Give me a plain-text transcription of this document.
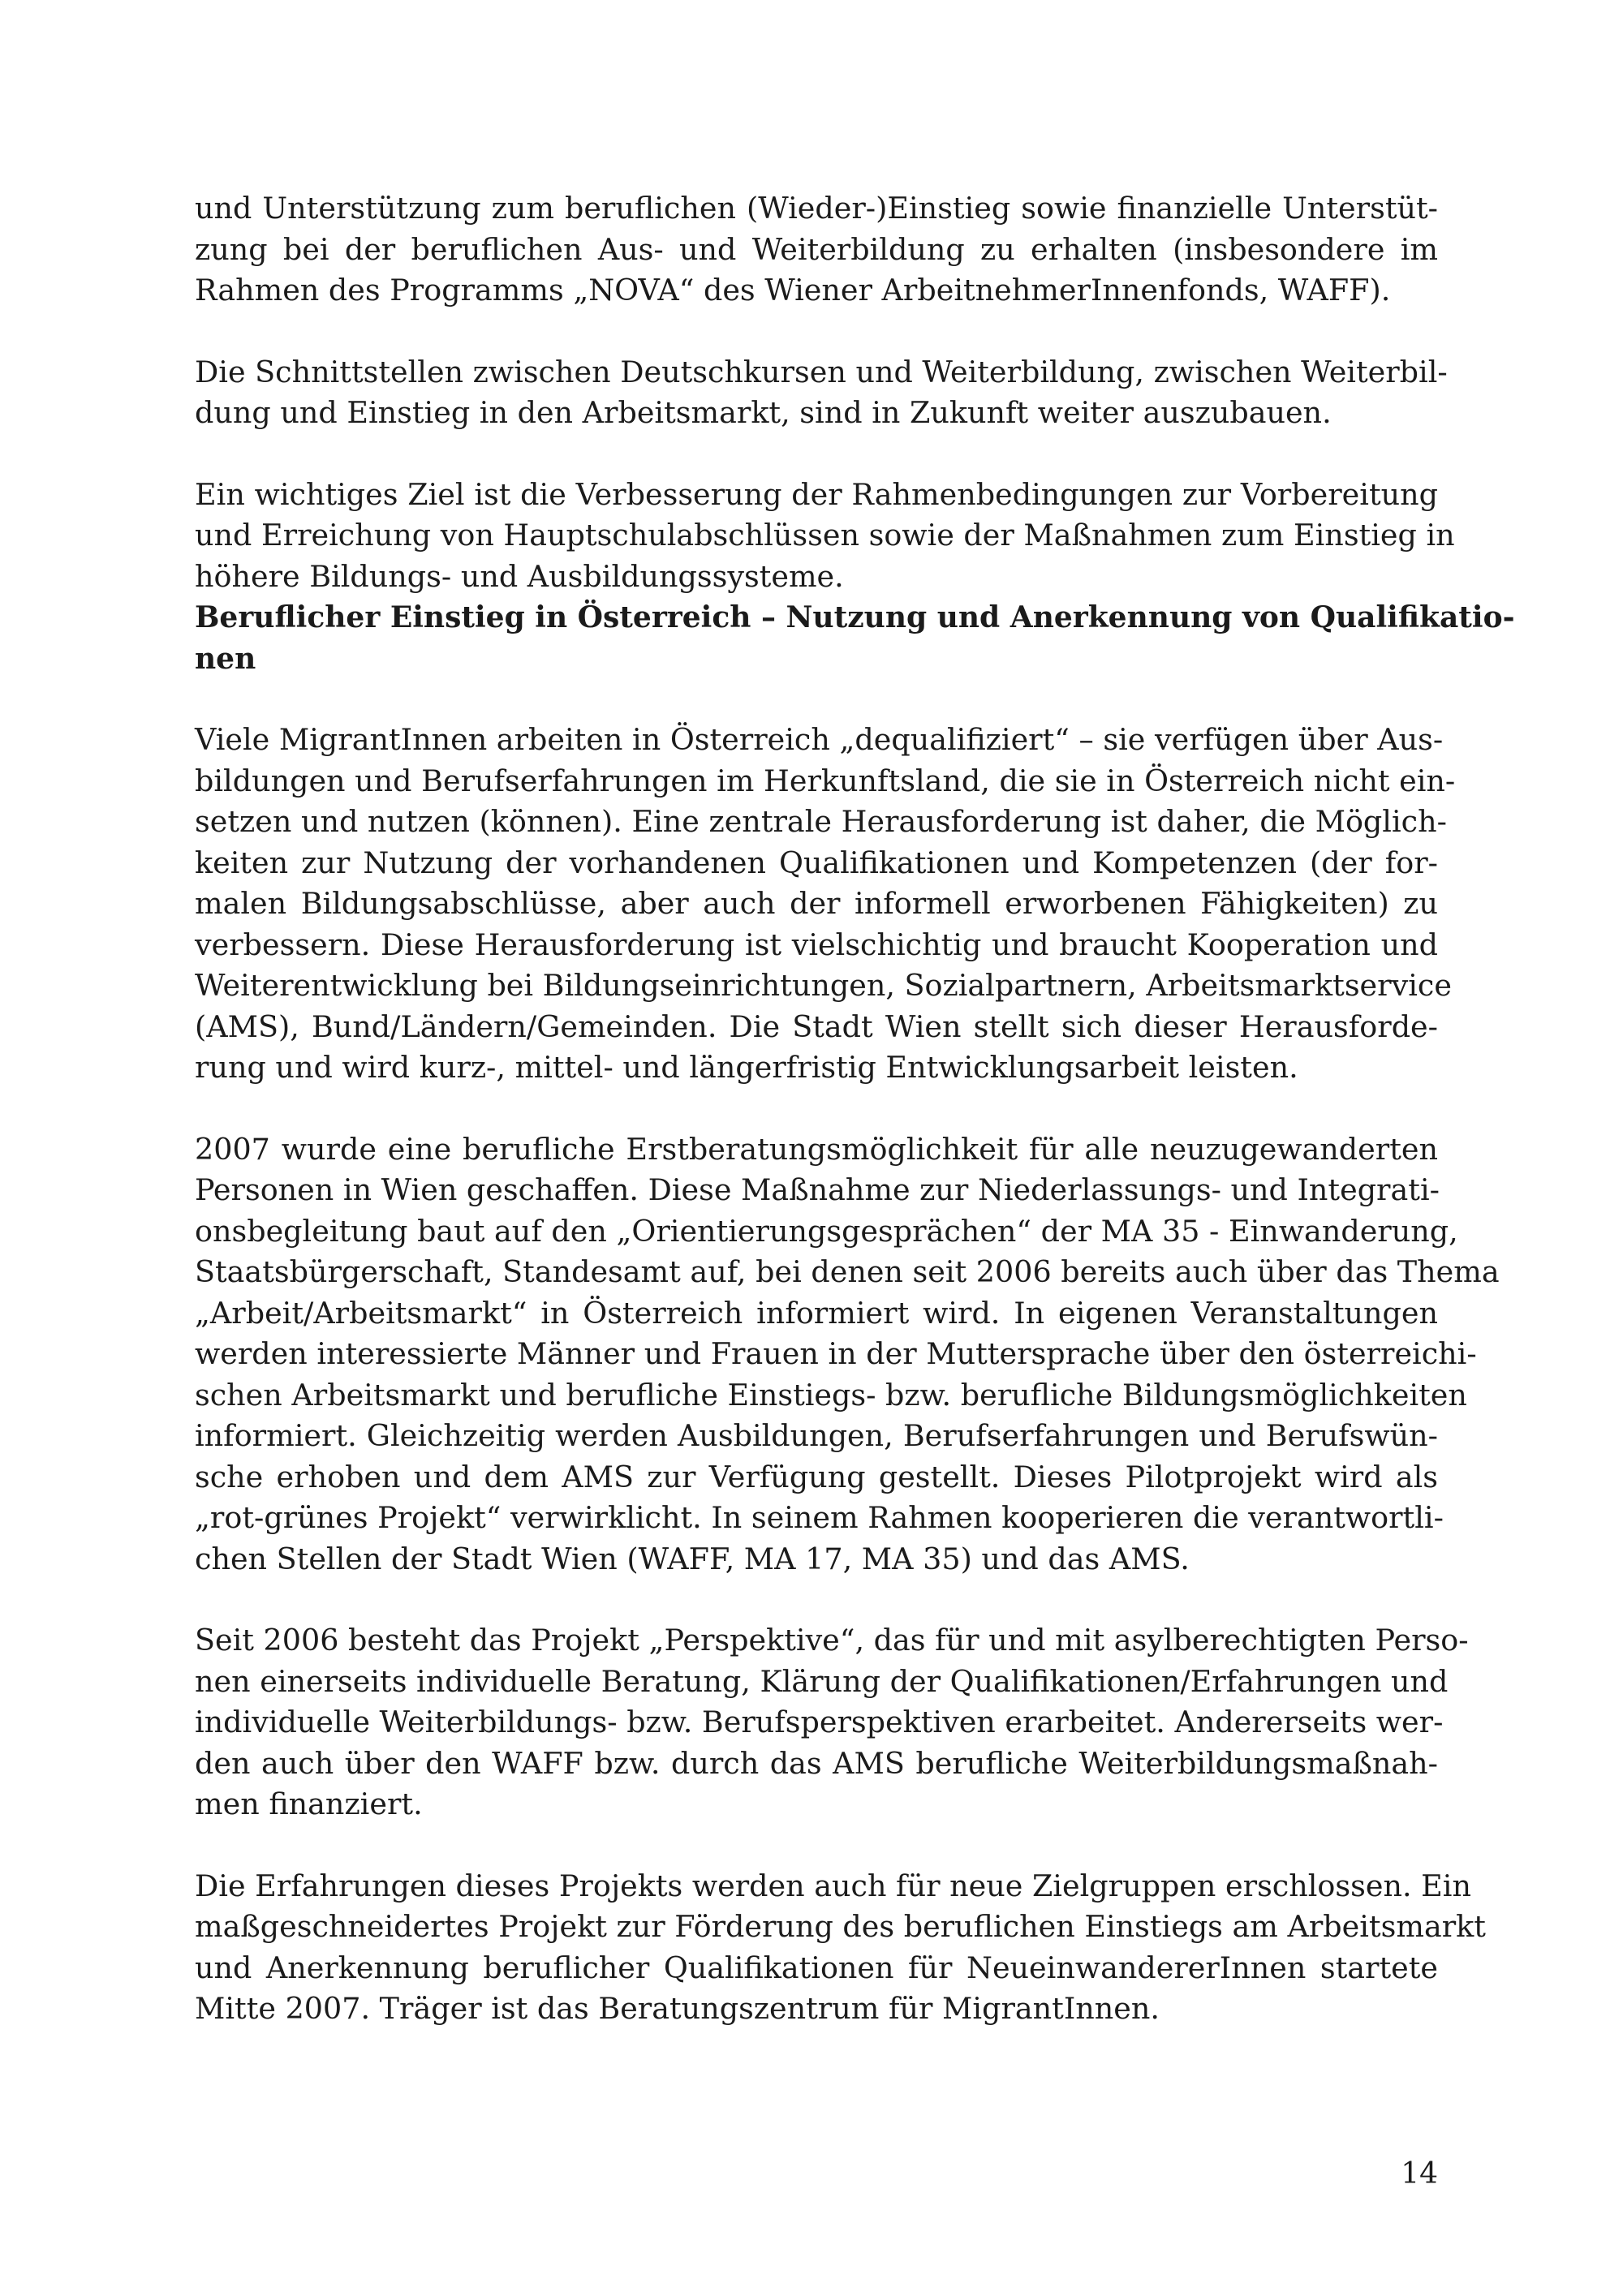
und Unterstützung zum beruflichen (Wieder-)Einstieg sowie finanzielle Unterstüt-
zung bei der beruflichen Aus- und Weiterbildung zu erhalten (insbesondere im
Rahmen des Programms „NOVA“ des Wiener ArbeitnehmerInnenfonds, WAFF).

Die Schnittstellen zwischen Deutschkursen und Weiterbildung, zwischen Weiterbil-
dung und Einstieg in den Arbeitsmarkt, sind in Zukunft weiter auszubauen.

Ein wichtiges Ziel ist die Verbesserung der Rahmenbedingungen zur Vorbereitung
und Erreichung von Hauptschulabschlüssen sowie der Maßnahmen zum Einstieg in
höhere Bildungs- und Ausbildungssysteme.

Beruflicher Einstieg in Österreich – Nutzung und Anerkennung von Qualifikatio-
nen

Viele MigrantInnen arbeiten in Österreich „dequalifiziert“ – sie verfügen über Aus-
bildungen und Berufserfahrungen im Herkunftsland, die sie in Österreich nicht ein-
setzen und nutzen (können). Eine zentrale Herausforderung ist daher, die Möglich-
keiten zur Nutzung der vorhandenen Qualifikationen und Kompetenzen (der for-
malen Bildungsabschlüsse, aber auch der informell erworbenen Fähigkeiten) zu
verbessern. Diese Herausforderung ist vielschichtig und braucht Kooperation und
Weiterentwicklung bei Bildungseinrichtungen, Sozialpartnern, Arbeitsmarktservice
(AMS), Bund/Ländern/Gemeinden. Die Stadt Wien stellt sich dieser Herausforde-
rung und wird kurz-, mittel- und längerfristig Entwicklungsarbeit leisten.

2007 wurde eine berufliche Erstberatungsmöglichkeit für alle neuzugewanderten
Personen in Wien geschaffen. Diese Maßnahme zur Niederlassungs- und Integrati-
onsbegleitung baut auf den „Orientierungsgesprächen“ der MA 35 - Einwanderung,
Staatsbürgerschaft, Standesamt auf, bei denen seit 2006 bereits auch über das Thema
„Arbeit/Arbeitsmarkt“ in Österreich informiert wird. In eigenen Veranstaltungen
werden interessierte Männer und Frauen in der Muttersprache über den österreichi-
schen Arbeitsmarkt und berufliche Einstiegs- bzw. berufliche Bildungsmöglichkeiten
informiert. Gleichzeitig werden Ausbildungen, Berufserfahrungen und Berufswün-
sche erhoben und dem AMS zur Verfügung gestellt. Dieses Pilotprojekt wird als
„rot-grünes Projekt“ verwirklicht. In seinem Rahmen kooperieren die verantwortli-
chen Stellen der Stadt Wien (WAFF, MA 17, MA 35) und das AMS.

Seit 2006 besteht das Projekt „Perspektive“, das für und mit asylberechtigten Perso-
nen einerseits individuelle Beratung, Klärung der Qualifikationen/Erfahrungen und
individuelle Weiterbildungs- bzw. Berufsperspektiven erarbeitet. Andererseits wer-
den auch über den WAFF bzw. durch das AMS berufliche Weiterbildungsmaßnah-
men finanziert.

Die Erfahrungen dieses Projekts werden auch für neue Zielgruppen erschlossen. Ein
maßgeschneidertes Projekt zur Förderung des beruflichen Einstiegs am Arbeitsmarkt
und Anerkennung beruflicher Qualifikationen für NeueinwandererInnen startete
Mitte 2007. Träger ist das Beratungszentrum für MigrantInnen.

14
